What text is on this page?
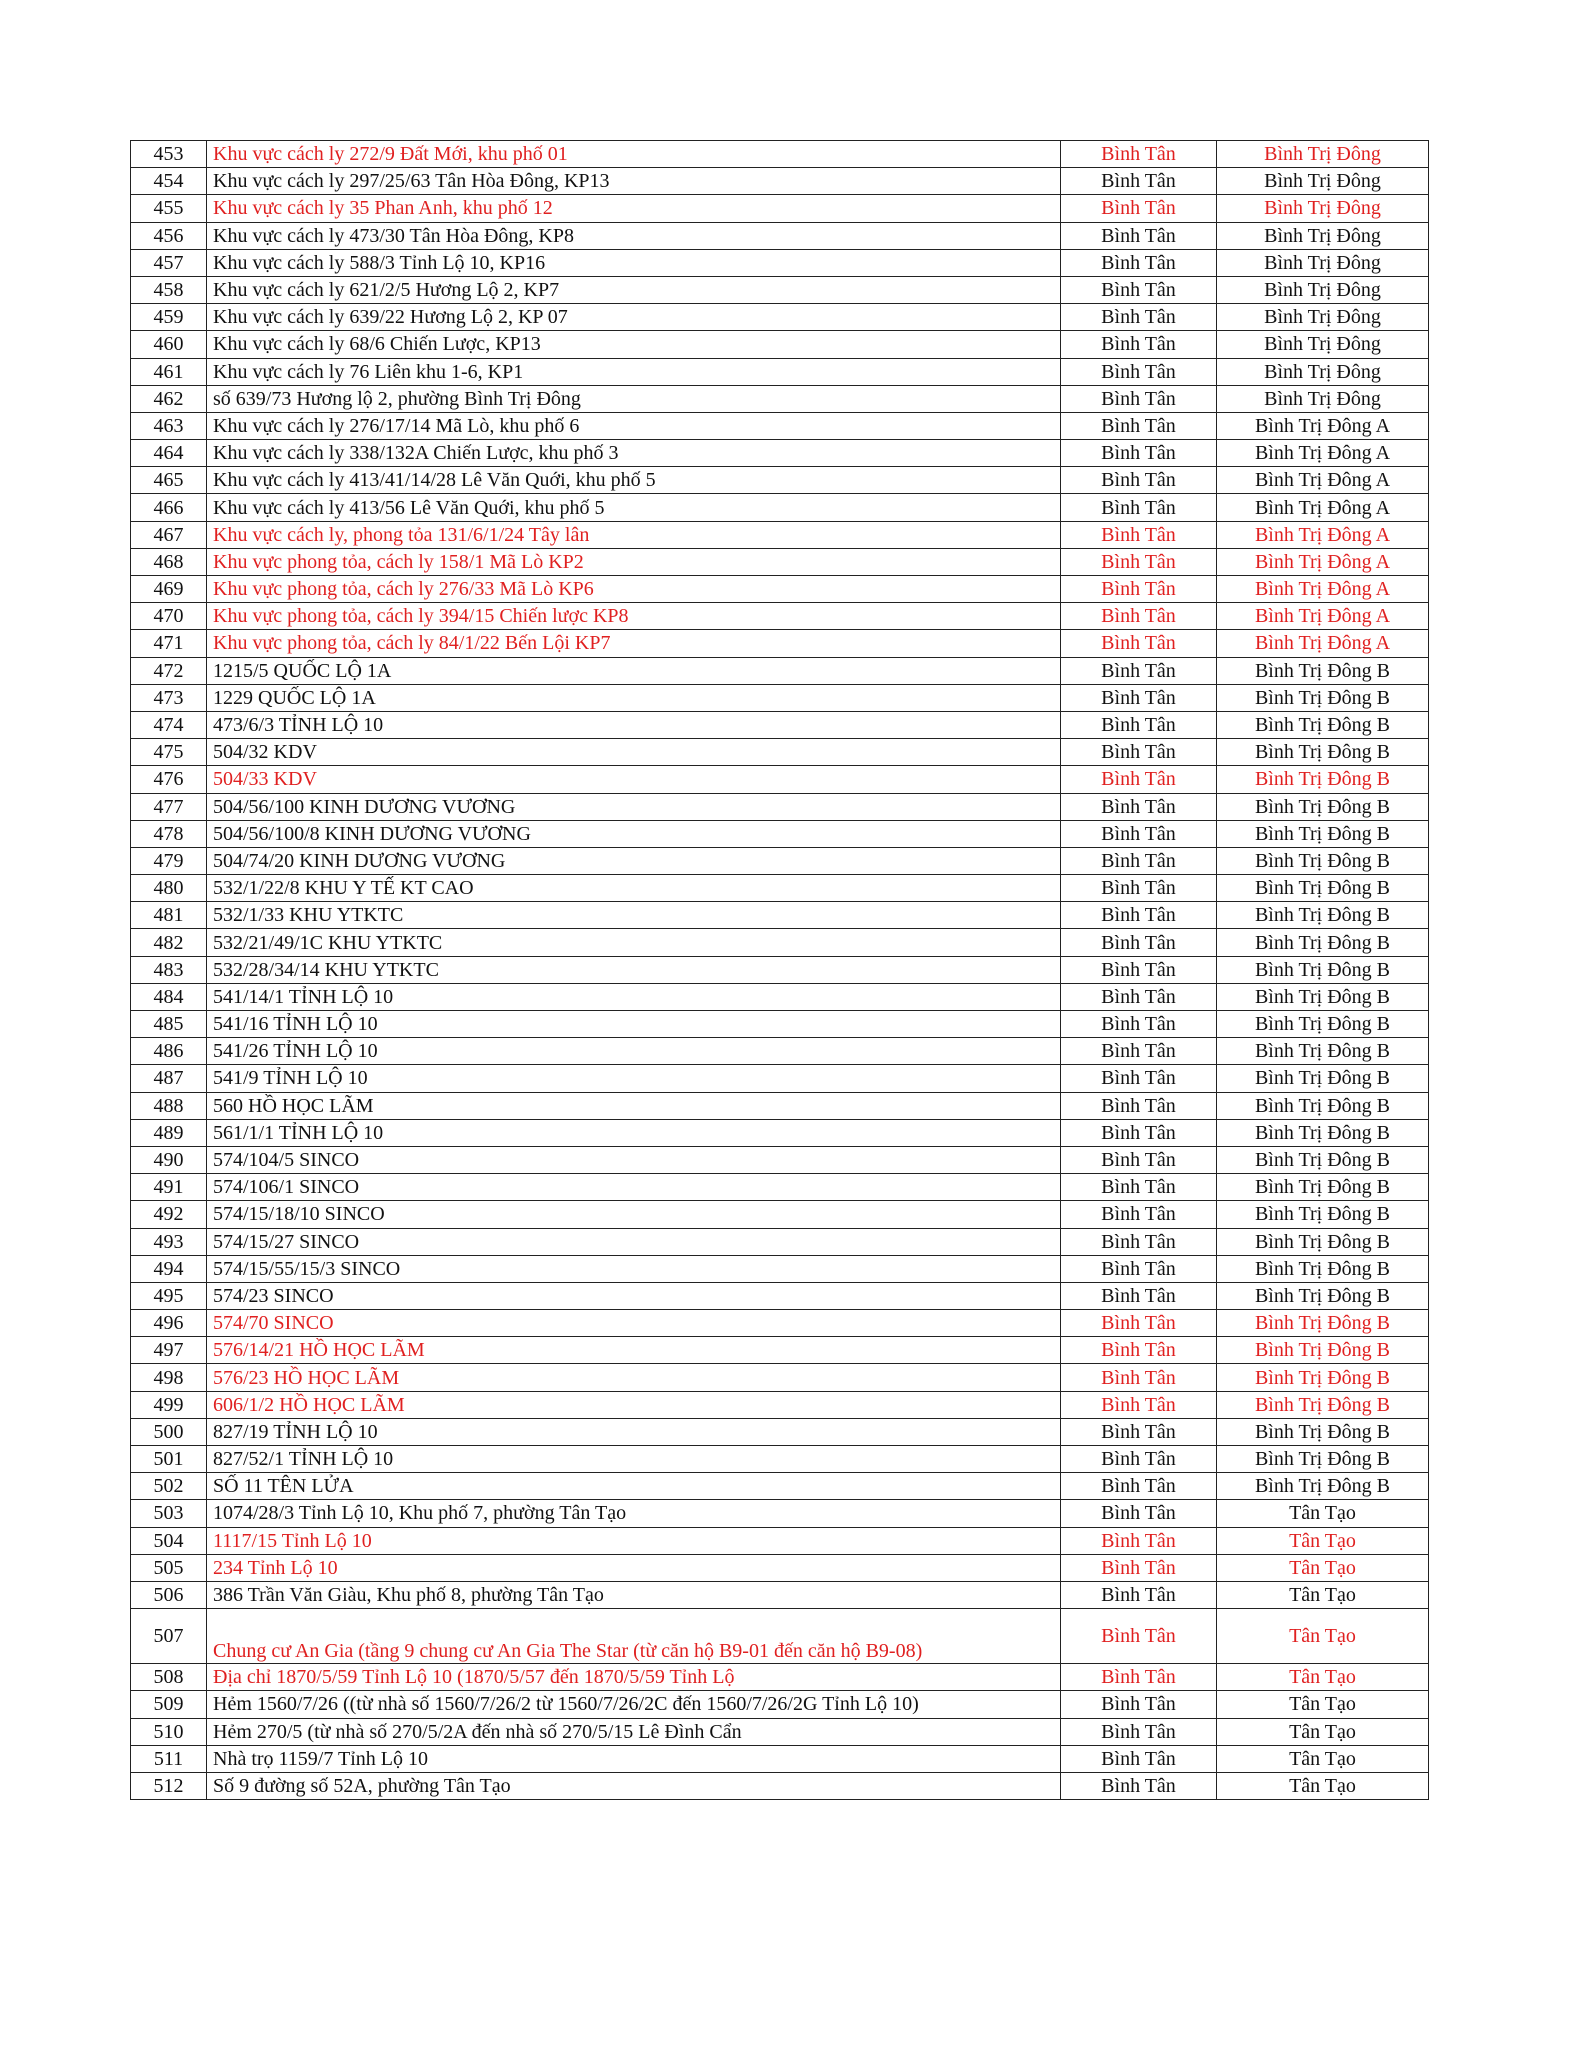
453	Khu vực cách ly 272/9 Đất Mới, khu phố 01	Bình Tân	Bình Trị Đông
454	Khu vực cách ly 297/25/63 Tân Hòa Đông, KP13	Bình Tân	Bình Trị Đông
455	Khu vực cách ly 35 Phan Anh, khu phố 12	Bình Tân	Bình Trị Đông
456	Khu vực cách ly 473/30 Tân Hòa Đông, KP8	Bình Tân	Bình Trị Đông
457	Khu vực cách ly 588/3 Tỉnh Lộ 10, KP16	Bình Tân	Bình Trị Đông
458	Khu vực cách ly 621/2/5 Hương Lộ 2, KP7	Bình Tân	Bình Trị Đông
459	Khu vực cách ly 639/22 Hương Lộ 2, KP 07	Bình Tân	Bình Trị Đông
460	Khu vực cách ly 68/6 Chiến Lược, KP13	Bình Tân	Bình Trị Đông
461	Khu vực cách ly 76 Liên khu 1-6, KP1	Bình Tân	Bình Trị Đông
462	số 639/73 Hương lộ 2, phường Bình Trị Đông	Bình Tân	Bình Trị Đông
463	Khu vực cách ly 276/17/14 Mã Lò, khu phố 6	Bình Tân	Bình Trị Đông A
464	Khu vực cách ly 338/132A Chiến Lược, khu phố 3	Bình Tân	Bình Trị Đông A
465	Khu vực cách ly 413/41/14/28 Lê Văn Quới, khu phố 5	Bình Tân	Bình Trị Đông A
466	Khu vực cách ly 413/56 Lê Văn Quới, khu phố 5	Bình Tân	Bình Trị Đông A
467	Khu vực cách ly, phong tỏa 131/6/1/24 Tây lân	Bình Tân	Bình Trị Đông A
468	Khu vực phong tỏa, cách ly 158/1 Mã Lò KP2	Bình Tân	Bình Trị Đông A
469	Khu vực phong tỏa, cách ly 276/33 Mã Lò KP6	Bình Tân	Bình Trị Đông A
470	Khu vực phong tỏa, cách ly 394/15 Chiến lược KP8	Bình Tân	Bình Trị Đông A
471	Khu vực phong tỏa, cách ly 84/1/22 Bến Lội KP7	Bình Tân	Bình Trị Đông A
472	1215/5 QUỐC LỘ 1A	Bình Tân	Bình Trị Đông B
473	1229 QUỐC LỘ 1A	Bình Tân	Bình Trị Đông B
474	473/6/3 TỈNH LỘ 10	Bình Tân	Bình Trị Đông B
475	504/32 KDV	Bình Tân	Bình Trị Đông B
476	504/33 KDV	Bình Tân	Bình Trị Đông B
477	504/56/100 KINH DƯƠNG VƯƠNG	Bình Tân	Bình Trị Đông B
478	504/56/100/8 KINH DƯƠNG VƯƠNG	Bình Tân	Bình Trị Đông B
479	504/74/20 KINH DƯƠNG VƯƠNG	Bình Tân	Bình Trị Đông B
480	532/1/22/8 KHU Y TẾ KT CAO	Bình Tân	Bình Trị Đông B
481	532/1/33 KHU YTKTC	Bình Tân	Bình Trị Đông B
482	532/21/49/1C KHU YTKTC	Bình Tân	Bình Trị Đông B
483	532/28/34/14 KHU YTKTC	Bình Tân	Bình Trị Đông B
484	541/14/1 TỈNH LỘ 10	Bình Tân	Bình Trị Đông B
485	541/16 TỈNH LỘ 10	Bình Tân	Bình Trị Đông B
486	541/26 TỈNH LỘ 10	Bình Tân	Bình Trị Đông B
487	541/9 TỈNH LỘ 10	Bình Tân	Bình Trị Đông B
488	560 HỒ HỌC LÃM	Bình Tân	Bình Trị Đông B
489	561/1/1 TỈNH LỘ 10	Bình Tân	Bình Trị Đông B
490	574/104/5 SINCO	Bình Tân	Bình Trị Đông B
491	574/106/1 SINCO	Bình Tân	Bình Trị Đông B
492	574/15/18/10 SINCO	Bình Tân	Bình Trị Đông B
493	574/15/27 SINCO	Bình Tân	Bình Trị Đông B
494	574/15/55/15/3 SINCO	Bình Tân	Bình Trị Đông B
495	574/23 SINCO	Bình Tân	Bình Trị Đông B
496	574/70 SINCO	Bình Tân	Bình Trị Đông B
497	576/14/21 HỒ HỌC LÃM	Bình Tân	Bình Trị Đông B
498	576/23 HỒ HỌC LÃM	Bình Tân	Bình Trị Đông B
499	606/1/2 HỒ HỌC LÃM	Bình Tân	Bình Trị Đông B
500	827/19 TỈNH LỘ 10	Bình Tân	Bình Trị Đông B
501	827/52/1 TỈNH LỘ 10	Bình Tân	Bình Trị Đông B
502	SỐ 11 TÊN LỬA	Bình Tân	Bình Trị Đông B
503	1074/28/3 Tỉnh Lộ 10, Khu phố 7, phường Tân Tạo	Bình Tân	Tân Tạo
504	1117/15 Tỉnh Lộ 10	Bình Tân	Tân Tạo
505	234 Tỉnh Lộ 10	Bình Tân	Tân Tạo
506	386 Trần Văn Giàu, Khu phố 8, phường Tân Tạo	Bình Tân	Tân Tạo
507	Chung cư An Gia (tầng 9 chung cư An Gia The Star (từ căn hộ B9-01 đến căn hộ B9-08)	Bình Tân	Tân Tạo
508	Địa chỉ 1870/5/59 Tỉnh Lộ 10 (1870/5/57 đến 1870/5/59 Tỉnh Lộ	Bình Tân	Tân Tạo
509	Hẻm 1560/7/26 ((từ nhà số 1560/7/26/2 từ 1560/7/26/2C đến 1560/7/26/2G Tỉnh Lộ 10)	Bình Tân	Tân Tạo
510	Hẻm 270/5 (từ nhà số 270/5/2A đến nhà số 270/5/15 Lê Đình Cẩn	Bình Tân	Tân Tạo
511	Nhà trọ 1159/7 Tỉnh Lộ 10	Bình Tân	Tân Tạo
512	Số 9 đường số 52A, phường Tân Tạo	Bình Tân	Tân Tạo
